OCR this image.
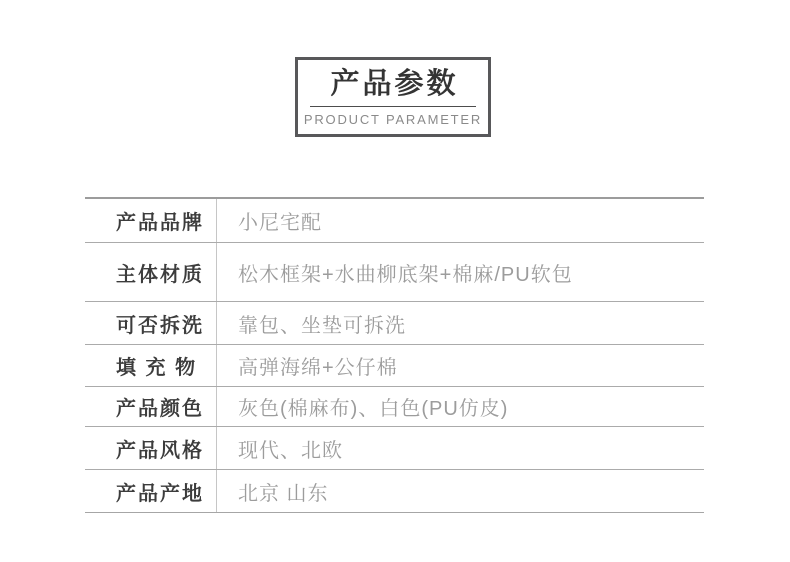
产品参数
PRODUCT PARAMETER
产品品牌	小尼宅配
主体材质	松木框架+水曲柳底架+棉麻/PU软包
可否拆洗	靠包、坐垫可拆洗
填 充 物	高弹海绵+公仔棉
产品颜色	灰色(棉麻布)、白色(PU仿皮)
产品风格	现代、北欧
产品产地	北京 山东
